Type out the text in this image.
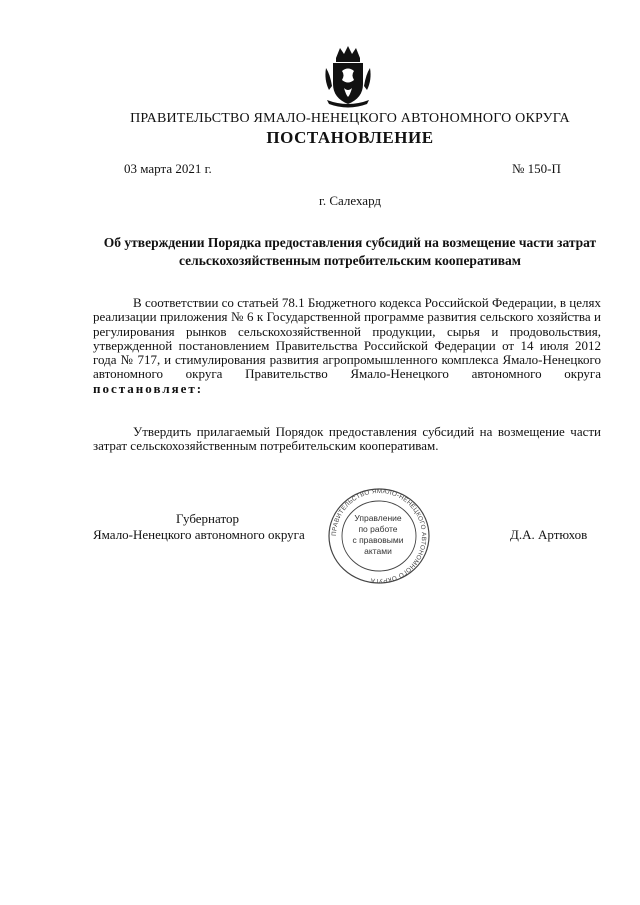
ПРАВИТЕЛЬСТВО ЯМАЛО-НЕНЕЦКОГО АВТОНОМНОГО ОКРУГА
ПОСТАНОВЛЕНИЕ
03 марта 2021 г.	№ 150-П
г. Салехард
Об утверждении Порядка предоставления субсидий на возмещение части затрат сельскохозяйственным потребительским кооперативам
В соответствии со статьей 78.1 Бюджетного кодекса Российской Федерации, в целях реализации приложения № 6 к Государственной программе развития сельского хозяйства и регулирования рынков сельскохозяйственной продукции, сырья и продовольствия, утвержденной постановлением Правительства Российской Федерации от 14 июля 2012 года № 717, и стимулирования развития агропромышленного комплекса Ямало-Ненецкого автономного округа Правительство Ямало-Ненецкого автономного округа постановляет:
Утвердить прилагаемый Порядок предоставления субсидий на возмещение части затрат сельскохозяйственным потребительским кооперативам.
Губернатор
Ямало-Ненецкого автономного округа	Д.А. Артюхов
ПРАВИТЕЛЬСТВО ЯМАЛО-НЕНЕЦКОГО АВТОНОМНОГО ОКРУГА
Управление
по работе
с правовыми
актами
